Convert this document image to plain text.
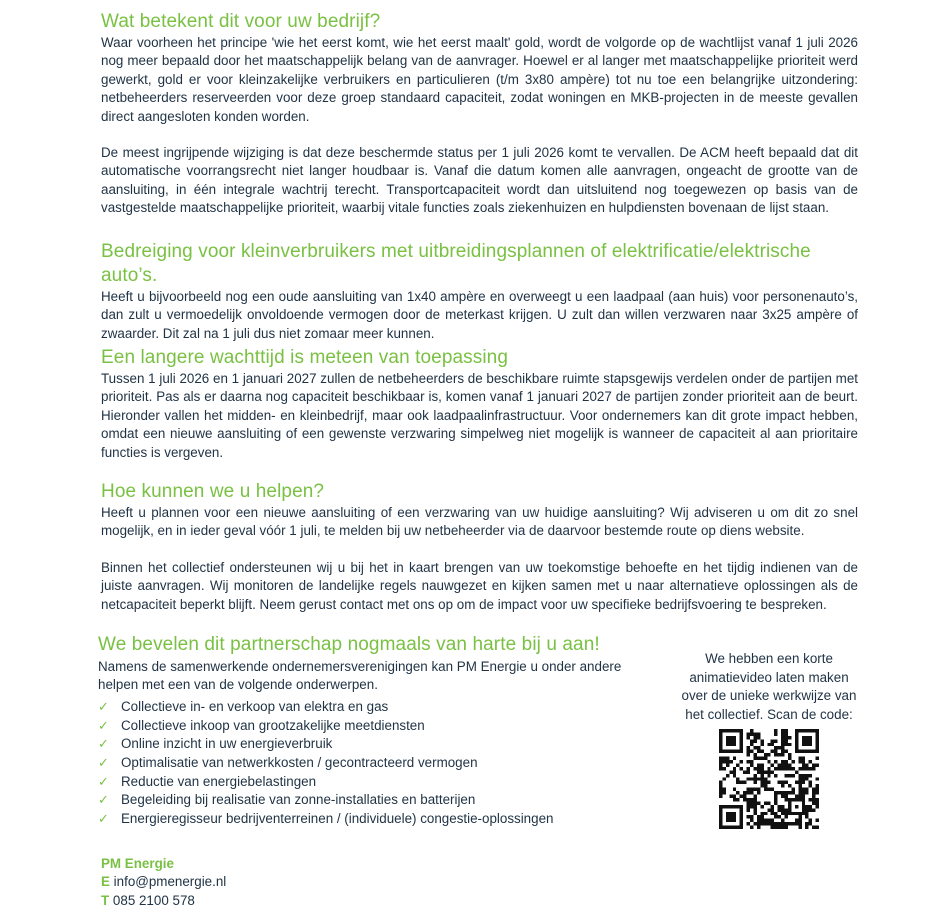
Wat betekent dit voor uw bedrijf?

Waar voorheen het principe 'wie het eerst komt, wie het eerst maalt' gold, wordt de volgorde op de wachtlijst vanaf 1 juli 2026 nog meer bepaald door het maatschappelijk belang van de aanvrager. Hoewel er al langer met maatschappelijke prioriteit werd gewerkt, gold er voor kleinzakelijke verbruikers en particulieren (t/m 3x80 ampère) tot nu toe een belangrijke uitzondering: netbeheerders reserveerden voor deze groep standaard capaciteit, zodat woningen en MKB-projecten in de meeste gevallen direct aangesloten konden worden.

De meest ingrijpende wijziging is dat deze beschermde status per 1 juli 2026 komt te vervallen. De ACM heeft bepaald dat dit automatische voorrangsrecht niet langer houdbaar is. Vanaf die datum komen alle aanvragen, ongeacht de grootte van de aansluiting, in één integrale wachtrij terecht. Transportcapaciteit wordt dan uitsluitend nog toegewezen op basis van de vastgestelde maatschappelijke prioriteit, waarbij vitale functies zoals ziekenhuizen en hulpdiensten bovenaan de lijst staan.

Bedreiging voor kleinverbruikers met uitbreidingsplannen of elektrificatie/elektrische auto’s.

Heeft u bijvoorbeeld nog een oude aansluiting van 1x40 ampère en overweegt u een laadpaal (aan huis) voor personenauto’s, dan zult u vermoedelijk onvoldoende vermogen door de meterkast krijgen. U zult dan willen verzwaren naar 3x25 ampère of zwaarder. Dit zal na 1 juli dus niet zomaar meer kunnen.

Een langere wachttijd is meteen van toepassing

Tussen 1 juli 2026 en 1 januari 2027 zullen de netbeheerders de beschikbare ruimte stapsgewijs verdelen onder de partijen met prioriteit. Pas als er daarna nog capaciteit beschikbaar is, komen vanaf 1 januari 2027 de partijen zonder prioriteit aan de beurt. Hieronder vallen het midden- en kleinbedrijf, maar ook laadpaalinfrastructuur. Voor ondernemers kan dit grote impact hebben, omdat een nieuwe aansluiting of een gewenste verzwaring simpelweg niet mogelijk is wanneer de capaciteit al aan prioritaire functies is vergeven.

Hoe kunnen we u helpen?

Heeft u plannen voor een nieuwe aansluiting of een verzwaring van uw huidige aansluiting? Wij adviseren u om dit zo snel mogelijk, en in ieder geval vóór 1 juli, te melden bij uw netbeheerder via de daarvoor bestemde route op diens website.

Binnen het collectief ondersteunen wij u bij het in kaart brengen van uw toekomstige behoefte en het tijdig indienen van de juiste aanvragen. Wij monitoren de landelijke regels nauwgezet en kijken samen met u naar alternatieve oplossingen als de netcapaciteit beperkt blijft. Neem gerust contact met ons op om de impact voor uw specifieke bedrijfsvoering te bespreken.

We bevelen dit partnerschap nogmaals van harte bij u aan!

Namens de samenwerkende ondernemersverenigingen kan PM Energie u onder andere helpen met een van de volgende onderwerpen.

✓ Collectieve in- en verkoop van elektra en gas
✓ Collectieve inkoop van grootzakelijke meetdiensten
✓ Online inzicht in uw energieverbruik
✓ Optimalisatie van netwerkkosten / gecontracteerd vermogen
✓ Reductie van energiebelastingen
✓ Begeleiding bij realisatie van zonne-installaties en batterijen
✓ Energieregisseur bedrijventerreinen / (individuele) congestie-oplossingen

We hebben een korte animatievideo laten maken over de unieke werkwijze van het collectief. Scan de code:

PM Energie
E info@pmenergie.nl
T 085 2100 578
